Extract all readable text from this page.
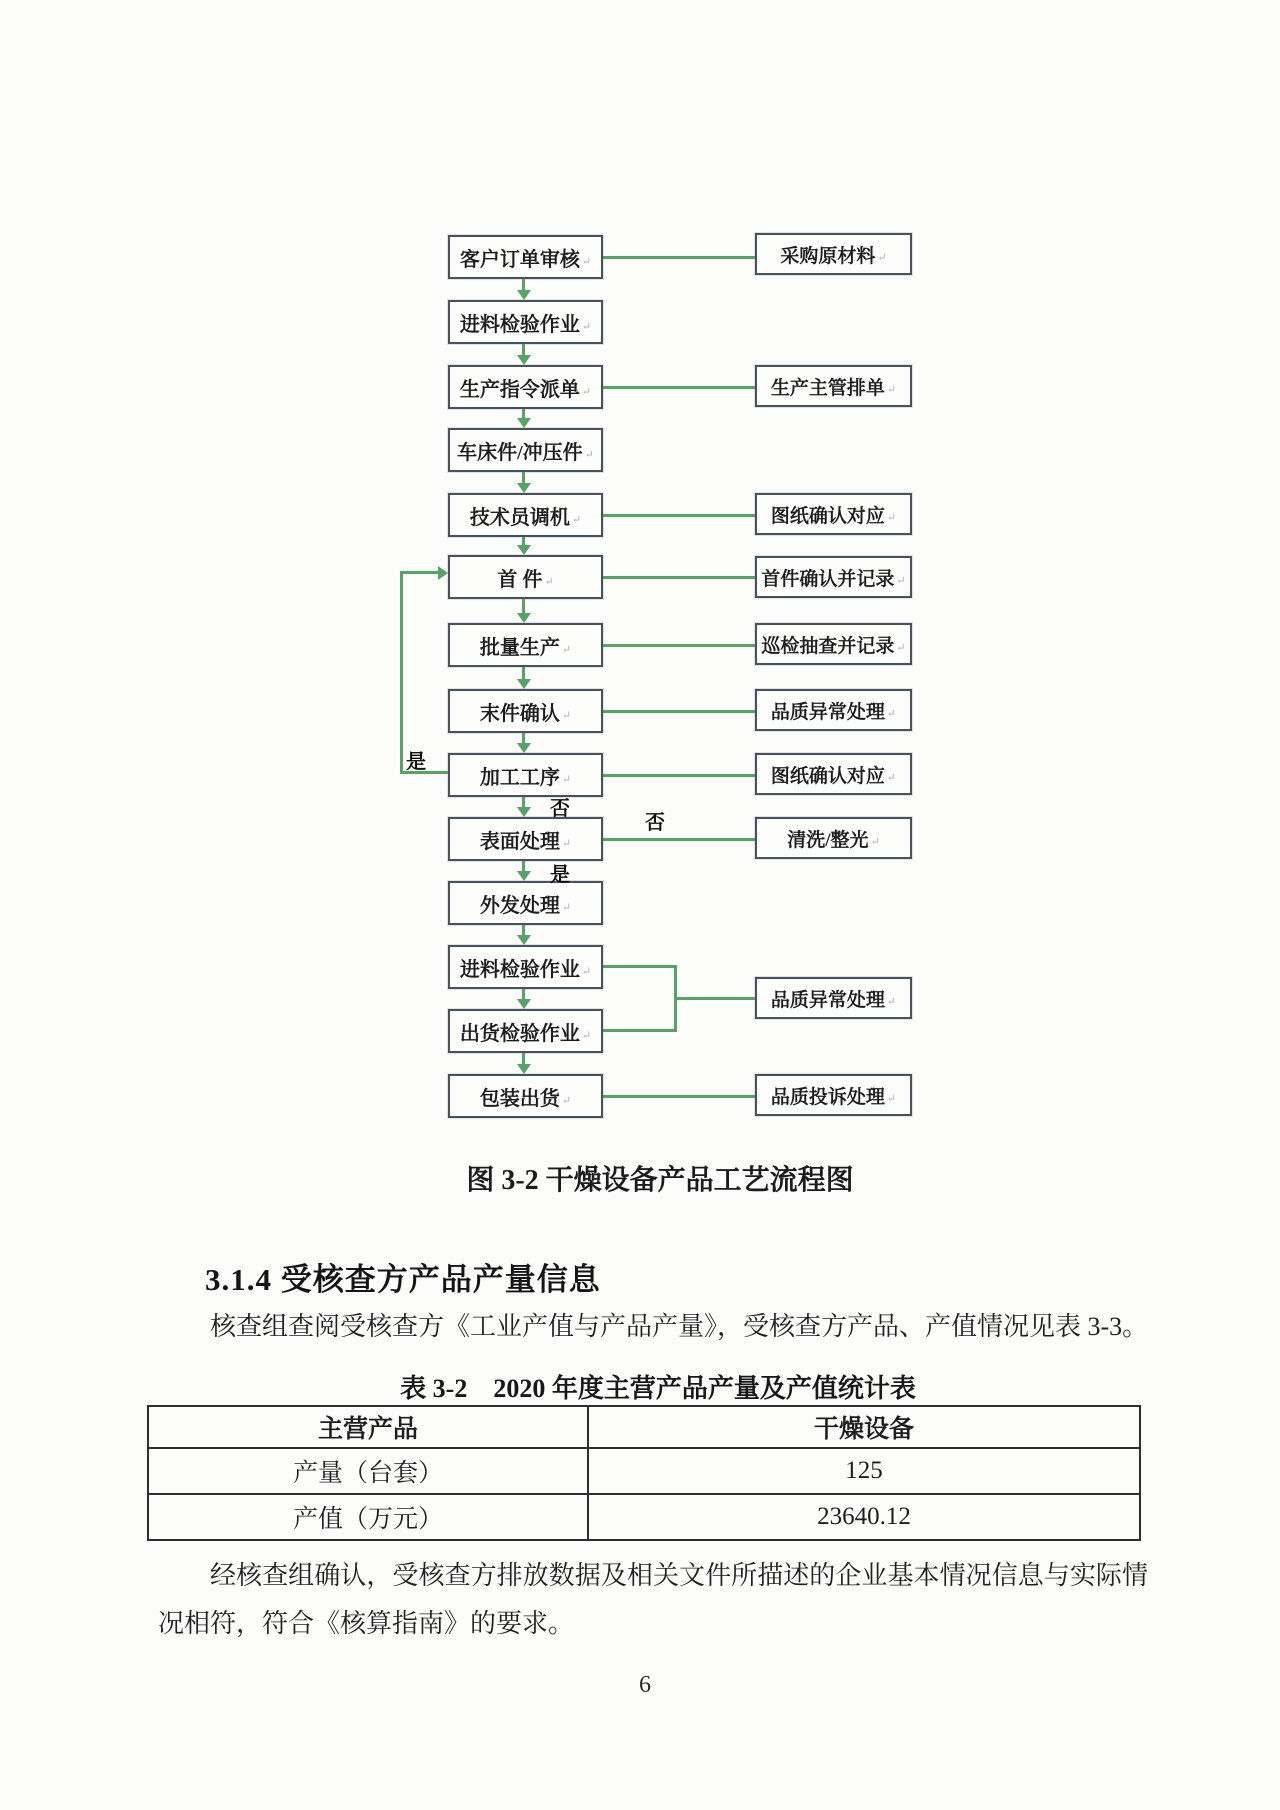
客户订单审核 ↵
进料检验作业 ↵
生产指令派单 ↵
车床件/冲压件 ↵
技术员调机 ↵
首 件 ↵
批量生产 ↵
末件确认 ↵
加工工序 ↵
表面处理 ↵
外发处理 ↵
进料检验作业 ↵
出货检验作业 ↵
包装出货 ↵
采购原材料 ↵
生产主管排单 ↵
图纸确认对应 ↵
首件确认并记录 ↵
巡检抽查并记录 ↵
品质异常处理 ↵
图纸确认对应 ↵
清洗/整光 ↵
品质异常处理 ↵
品质投诉处理 ↵
是
否
否
是
图 3-2 干燥设备产品工艺流程图
3.1.4 受核查方产品产量信息
核查组查阅受核查方《工业产值与产品产量》，受核查方产品、产值情况见表 3-3。
表 3-2　2020 年度主营产品产量及产值统计表
主营产品	干燥设备
产量（台套）	125
产值（万元）	23640.12
经核查组确认，受核查方排放数据及相关文件所描述的企业基本情况信息与实际情况相符，符合《核算指南》的要求。
6
